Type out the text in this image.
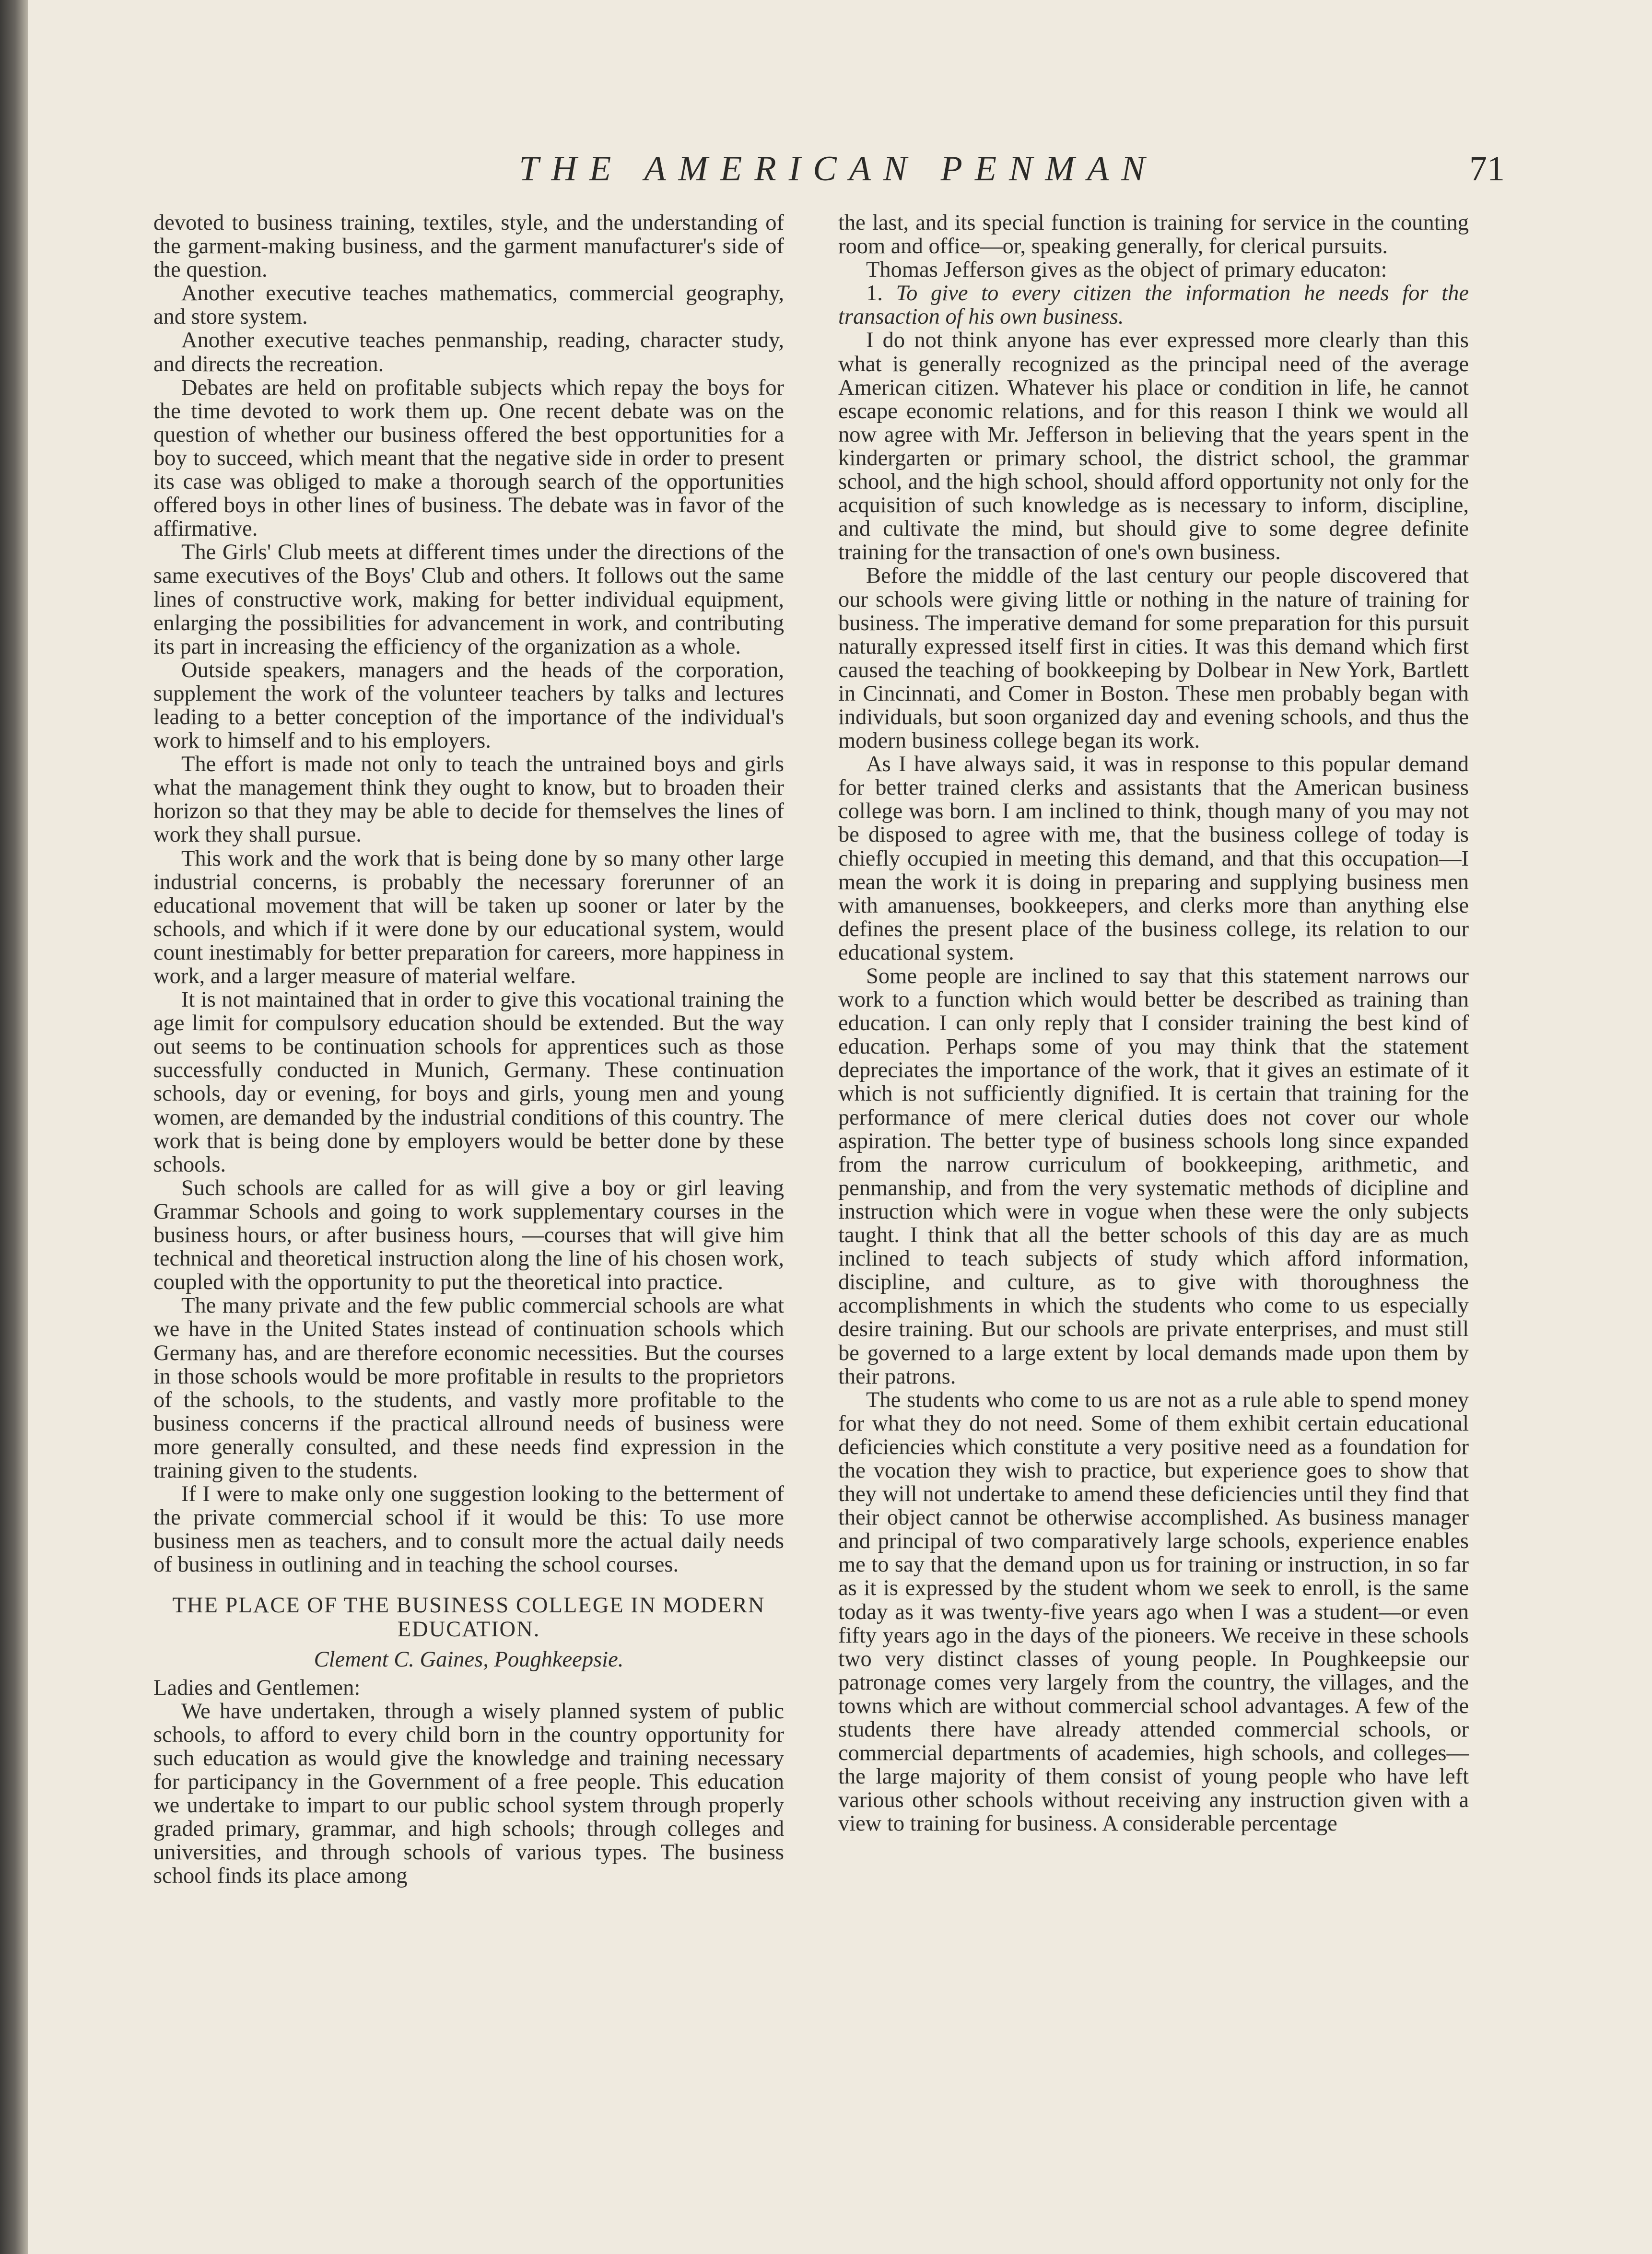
THE AMERICAN PENMAN	71

devoted to business training, textiles, style, and the understanding of the garment-making business, and the garment manufacturer's side of the question.

Another executive teaches mathematics, commercial geography, and store system.

Another executive teaches penmanship, reading, character study, and directs the recreation.

Debates are held on profitable subjects which repay the boys for the time devoted to work them up. One recent debate was on the question of whether our business offered the best opportunities for a boy to succeed, which meant that the negative side in order to present its case was obliged to make a thorough search of the opportunities offered boys in other lines of business. The debate was in favor of the affirmative.

The Girls' Club meets at different times under the directions of the same executives of the Boys' Club and others. It follows out the same lines of constructive work, making for better individual equipment, enlarging the possibilities for advancement in work, and contributing its part in increasing the efficiency of the organization as a whole.

Outside speakers, managers and the heads of the corporation, supplement the work of the volunteer teachers by talks and lectures leading to a better conception of the importance of the individual's work to himself and to his employers.

The effort is made not only to teach the untrained boys and girls what the management think they ought to know, but to broaden their horizon so that they may be able to decide for themselves the lines of work they shall pursue.

This work and the work that is being done by so many other large industrial concerns, is probably the necessary forerunner of an educational movement that will be taken up sooner or later by the schools, and which if it were done by our educational system, would count inestimably for better preparation for careers, more happiness in work, and a larger measure of material welfare.

It is not maintained that in order to give this vocational training the age limit for compulsory education should be extended. But the way out seems to be continuation schools for apprentices such as those successfully conducted in Munich, Germany. These continuation schools, day or evening, for boys and girls, young men and young women, are demanded by the industrial conditions of this country. The work that is being done by employers would be better done by these schools.

Such schools are called for as will give a boy or girl leaving Grammar Schools and going to work supplementary courses in the business hours, or after business hours, —courses that will give him technical and theoretical instruction along the line of his chosen work, coupled with the opportunity to put the theoretical into practice.

The many private and the few public commercial schools are what we have in the United States instead of continuation schools which Germany has, and are therefore economic necessities. But the courses in those schools would be more profitable in results to the proprietors of the schools, to the students, and vastly more profitable to the business concerns if the practical allround needs of business were more generally consulted, and these needs find expression in the training given to the students.

If I were to make only one suggestion looking to the betterment of the private commercial school if it would be this: To use more business men as teachers, and to consult more the actual daily needs of business in outlining and in teaching the school courses.

THE PLACE OF THE BUSINESS COLLEGE IN MODERN EDUCATION.
Clement C. Gaines, Poughkeepsie.

Ladies and Gentlemen:

We have undertaken, through a wisely planned system of public schools, to afford to every child born in the country opportunity for such education as would give the knowledge and training necessary for participancy in the Government of a free people. This education we undertake to impart to our public school system through properly graded primary, grammar, and high schools; through colleges and universities, and through schools of various types. The business school finds its place among

the last, and its special function is training for service in the counting room and office—or, speaking generally, for clerical pursuits.

Thomas Jefferson gives as the object of primary educaton:

1. To give to every citizen the information he needs for the transaction of his own business.

I do not think anyone has ever expressed more clearly than this what is generally recognized as the principal need of the average American citizen. Whatever his place or condition in life, he cannot escape economic relations, and for this reason I think we would all now agree with Mr. Jefferson in believing that the years spent in the kindergarten or primary school, the district school, the grammar school, and the high school, should afford opportunity not only for the acquisition of such knowledge as is necessary to inform, discipline, and cultivate the mind, but should give to some degree definite training for the transaction of one's own business.

Before the middle of the last century our people discovered that our schools were giving little or nothing in the nature of training for business. The imperative demand for some preparation for this pursuit naturally expressed itself first in cities. It was this demand which first caused the teaching of bookkeeping by Dolbear in New York, Bartlett in Cincinnati, and Comer in Boston. These men probably began with individuals, but soon organized day and evening schools, and thus the modern business college began its work.

As I have always said, it was in response to this popular demand for better trained clerks and assistants that the American business college was born. I am inclined to think, though many of you may not be disposed to agree with me, that the business college of today is chiefly occupied in meeting this demand, and that this occupation—I mean the work it is doing in preparing and supplying business men with amanuenses, bookkeepers, and clerks more than anything else defines the present place of the business college, its relation to our educational system.

Some people are inclined to say that this statement narrows our work to a function which would better be described as training than education. I can only reply that I consider training the best kind of education. Perhaps some of you may think that the statement depreciates the importance of the work, that it gives an estimate of it which is not sufficiently dignified. It is certain that training for the performance of mere clerical duties does not cover our whole aspiration. The better type of business schools long since expanded from the narrow curriculum of bookkeeping, arithmetic, and penmanship, and from the very systematic methods of dicipline and instruction which were in vogue when these were the only subjects taught. I think that all the better schools of this day are as much inclined to teach subjects of study which afford information, discipline, and culture, as to give with thoroughness the accomplishments in which the students who come to us especially desire training. But our schools are private enterprises, and must still be governed to a large extent by local demands made upon them by their patrons.

The students who come to us are not as a rule able to spend money for what they do not need. Some of them exhibit certain educational deficiencies which constitute a very positive need as a foundation for the vocation they wish to practice, but experience goes to show that they will not undertake to amend these deficiencies until they find that their object cannot be otherwise accomplished. As business manager and principal of two comparatively large schools, experience enables me to say that the demand upon us for training or instruction, in so far as it is expressed by the student whom we seek to enroll, is the same today as it was twenty-five years ago when I was a student—or even fifty years ago in the days of the pioneers. We receive in these schools two very distinct classes of young people. In Poughkeepsie our patronage comes very largely from the country, the villages, and the towns which are without commercial school advantages. A few of the students there have already attended commercial schools, or commercial departments of academies, high schools, and colleges—the large majority of them consist of young people who have left various other schools without receiving any instruction given with a view to training for business. A considerable percentage
